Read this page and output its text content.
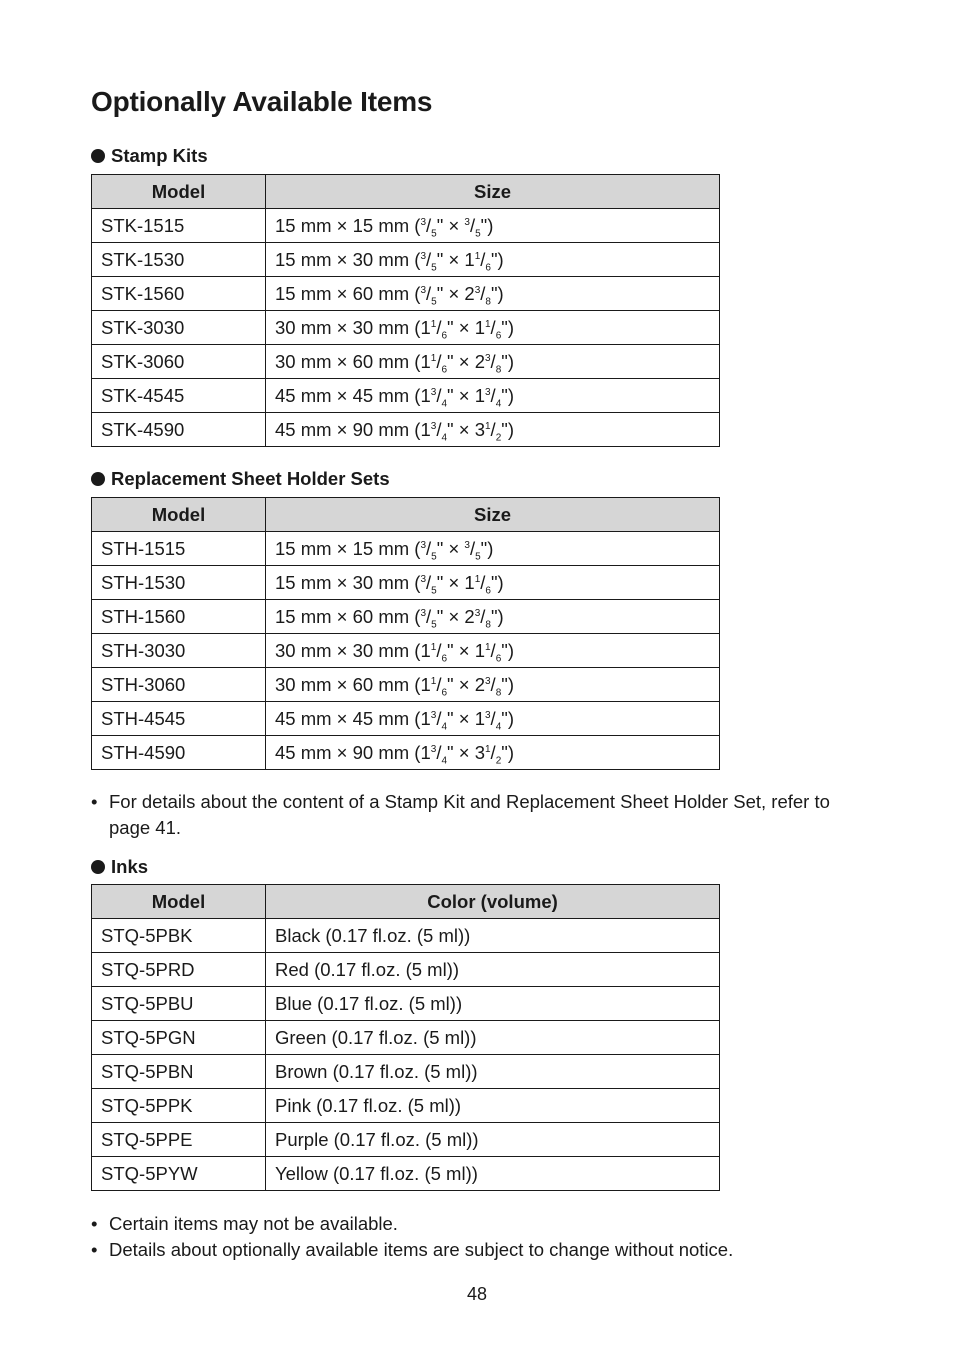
Optionally Available Items
Stamp Kits
Model	Size
STK-1515	15 mm × 15 mm ($^3/_5$" × $^3/_5$")
STK-1530	15 mm × 30 mm ($^3/_5$" × $1^1/_6$")
STK-1560	15 mm × 60 mm ($^3/_5$" × $2^3/_8$")
STK-3030	30 mm × 30 mm ($1^1/_6$" × $1^1/_6$")
STK-3060	30 mm × 60 mm ($1^1/_6$" × $2^3/_8$")
STK-4545	45 mm × 45 mm ($1^3/_4$" × $1^3/_4$")
STK-4590	45 mm × 90 mm ($1^3/_4$" × $3^1/_2$")
Replacement Sheet Holder Sets
Model	Size
STH-1515	15 mm × 15 mm ($^3/_5$" × $^3/_5$")
STH-1530	15 mm × 30 mm ($^3/_5$" × $1^1/_6$")
STH-1560	15 mm × 60 mm ($^3/_5$" × $2^3/_8$")
STH-3030	30 mm × 30 mm ($1^1/_6$" × $1^1/_6$")
STH-3060	30 mm × 60 mm ($1^1/_6$" × $2^3/_8$")
STH-4545	45 mm × 45 mm ($1^3/_4$" × $1^3/_4$")
STH-4590	45 mm × 90 mm ($1^3/_4$" × $3^1/_2$")
• For details about the content of a Stamp Kit and Replacement Sheet Holder Set, refer to page 41.
Inks
Model	Color (volume)
STQ-5PBK	Black (0.17 fl.oz. (5 ml))
STQ-5PRD	Red (0.17 fl.oz. (5 ml))
STQ-5PBU	Blue (0.17 fl.oz. (5 ml))
STQ-5PGN	Green (0.17 fl.oz. (5 ml))
STQ-5PBN	Brown (0.17 fl.oz. (5 ml))
STQ-5PPK	Pink (0.17 fl.oz. (5 ml))
STQ-5PPE	Purple (0.17 fl.oz. (5 ml))
STQ-5PYW	Yellow (0.17 fl.oz. (5 ml))
• Certain items may not be available.
• Details about optionally available items are subject to change without notice.

48
